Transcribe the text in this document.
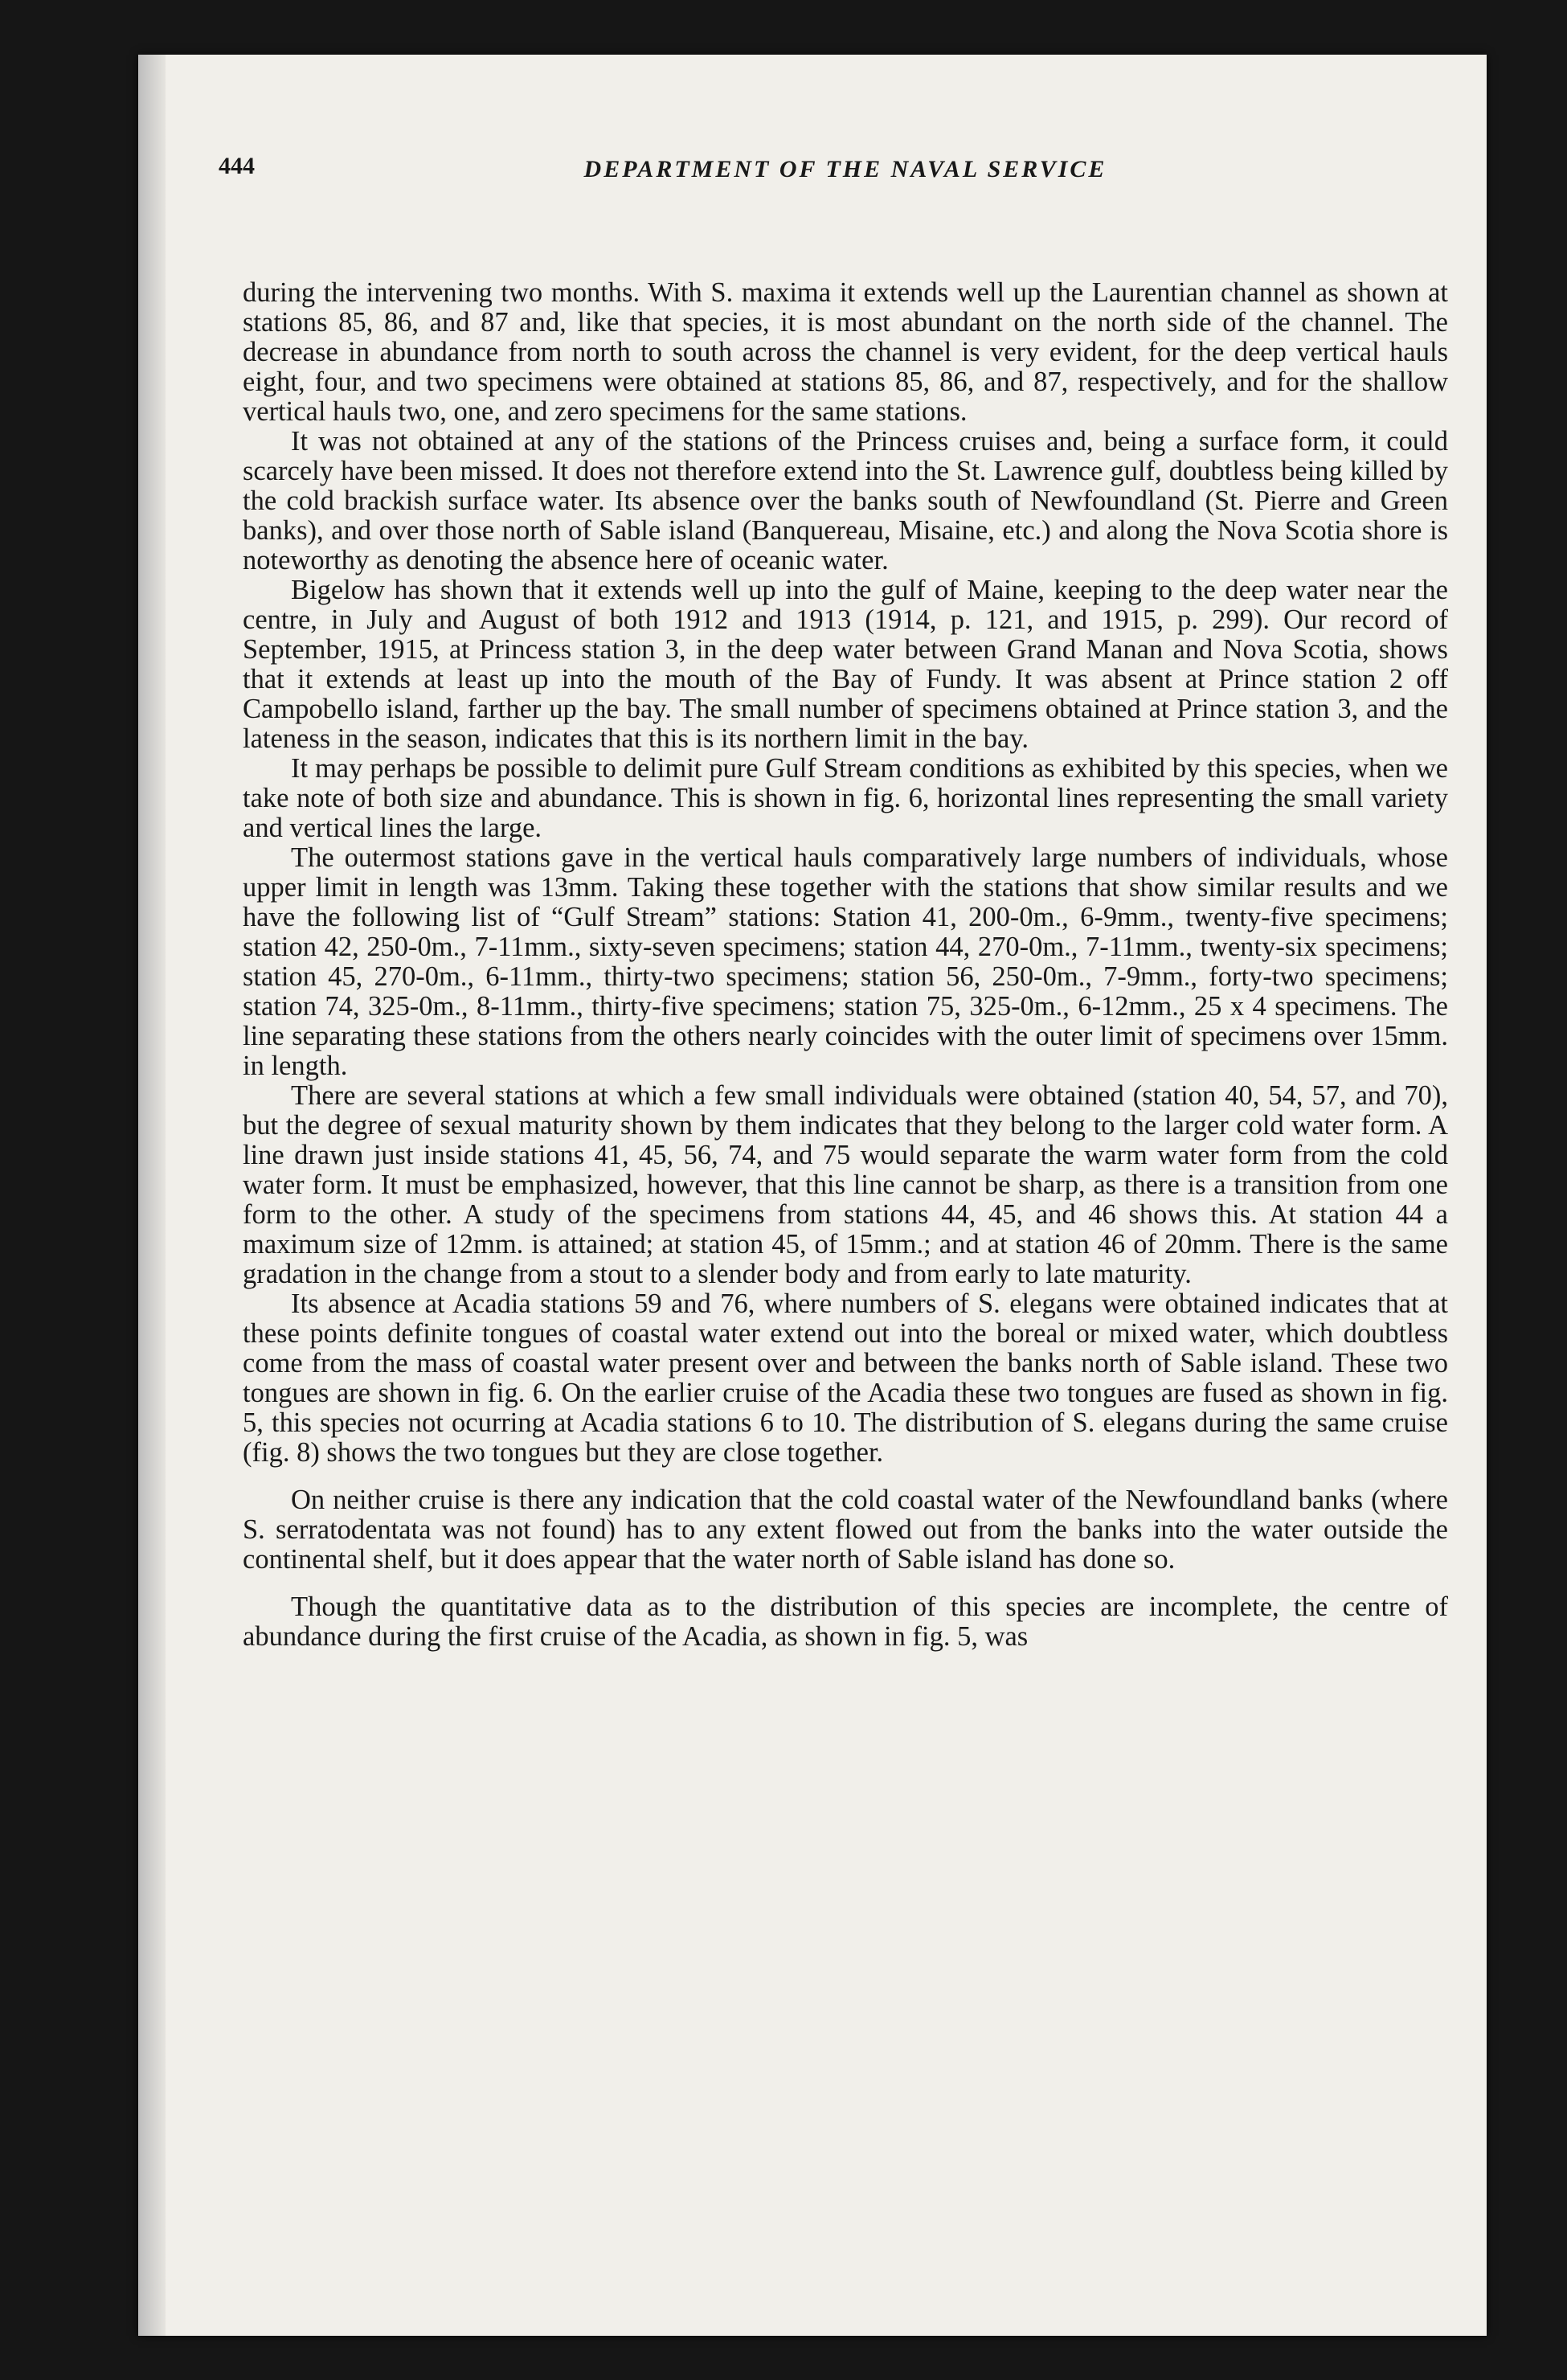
444	DEPARTMENT OF THE NAVAL SERVICE

during the intervening two months. With S. maxima it extends well up the Laurentian channel as shown at stations 85, 86, and 87 and, like that species, it is most abundant on the north side of the channel. The decrease in abundance from north to south across the channel is very evident, for the deep vertical hauls eight, four, and two specimens were obtained at stations 85, 86, and 87, respectively, and for the shallow vertical hauls two, one, and zero specimens for the same stations.

It was not obtained at any of the stations of the Princess cruises and, being a surface form, it could scarcely have been missed. It does not therefore extend into the St. Lawrence gulf, doubtless being killed by the cold brackish surface water. Its absence over the banks south of Newfoundland (St. Pierre and Green banks), and over those north of Sable island (Banquereau, Misaine, etc.) and along the Nova Scotia shore is noteworthy as denoting the absence here of oceanic water.

Bigelow has shown that it extends well up into the gulf of Maine, keeping to the deep water near the centre, in July and August of both 1912 and 1913 (1914, p. 121, and 1915, p. 299). Our record of September, 1915, at Princess station 3, in the deep water between Grand Manan and Nova Scotia, shows that it extends at least up into the mouth of the Bay of Fundy. It was absent at Prince station 2 off Campobello island, farther up the bay. The small number of specimens obtained at Prince station 3, and the lateness in the season, indicates that this is its northern limit in the bay.

It may perhaps be possible to delimit pure Gulf Stream conditions as exhibited by this species, when we take note of both size and abundance. This is shown in fig. 6, horizontal lines representing the small variety and vertical lines the large.

The outermost stations gave in the vertical hauls comparatively large numbers of individuals, whose upper limit in length was 13mm. Taking these together with the stations that show similar results and we have the following list of “Gulf Stream” stations: Station 41, 200-0m., 6-9mm., twenty-five specimens; station 42, 250-0m., 7-11mm., sixty-seven specimens; station 44, 270-0m., 7-11mm., twenty-six specimens; station 45, 270-0m., 6-11mm., thirty-two specimens; station 56, 250-0m., 7-9mm., forty-two specimens; station 74, 325-0m., 8-11mm., thirty-five specimens; station 75, 325-0m., 6-12mm., 25 x 4 specimens. The line separating these stations from the others nearly coincides with the outer limit of specimens over 15mm. in length.

There are several stations at which a few small individuals were obtained (station 40, 54, 57, and 70), but the degree of sexual maturity shown by them indicates that they belong to the larger cold water form. A line drawn just inside stations 41, 45, 56, 74, and 75 would separate the warm water form from the cold water form. It must be emphasized, however, that this line cannot be sharp, as there is a transition from one form to the other. A study of the specimens from stations 44, 45, and 46 shows this. At station 44 a maximum size of 12mm. is attained; at station 45, of 15mm.; and at station 46 of 20mm. There is the same gradation in the change from a stout to a slender body and from early to late maturity.

Its absence at Acadia stations 59 and 76, where numbers of S. elegans were obtained indicates that at these points definite tongues of coastal water extend out into the boreal or mixed water, which doubtless come from the mass of coastal water present over and between the banks north of Sable island. These two tongues are shown in fig. 6. On the earlier cruise of the Acadia these two tongues are fused as shown in fig. 5, this species not ocurring at Acadia stations 6 to 10. The distribution of S. elegans during the same cruise (fig. 8) shows the two tongues but they are close together.

On neither cruise is there any indication that the cold coastal water of the Newfoundland banks (where S. serratodentata was not found) has to any extent flowed out from the banks into the water outside the continental shelf, but it does appear that the water north of Sable island has done so.

Though the quantitative data as to the distribution of this species are incomplete, the centre of abundance during the first cruise of the Acadia, as shown in fig. 5, was
